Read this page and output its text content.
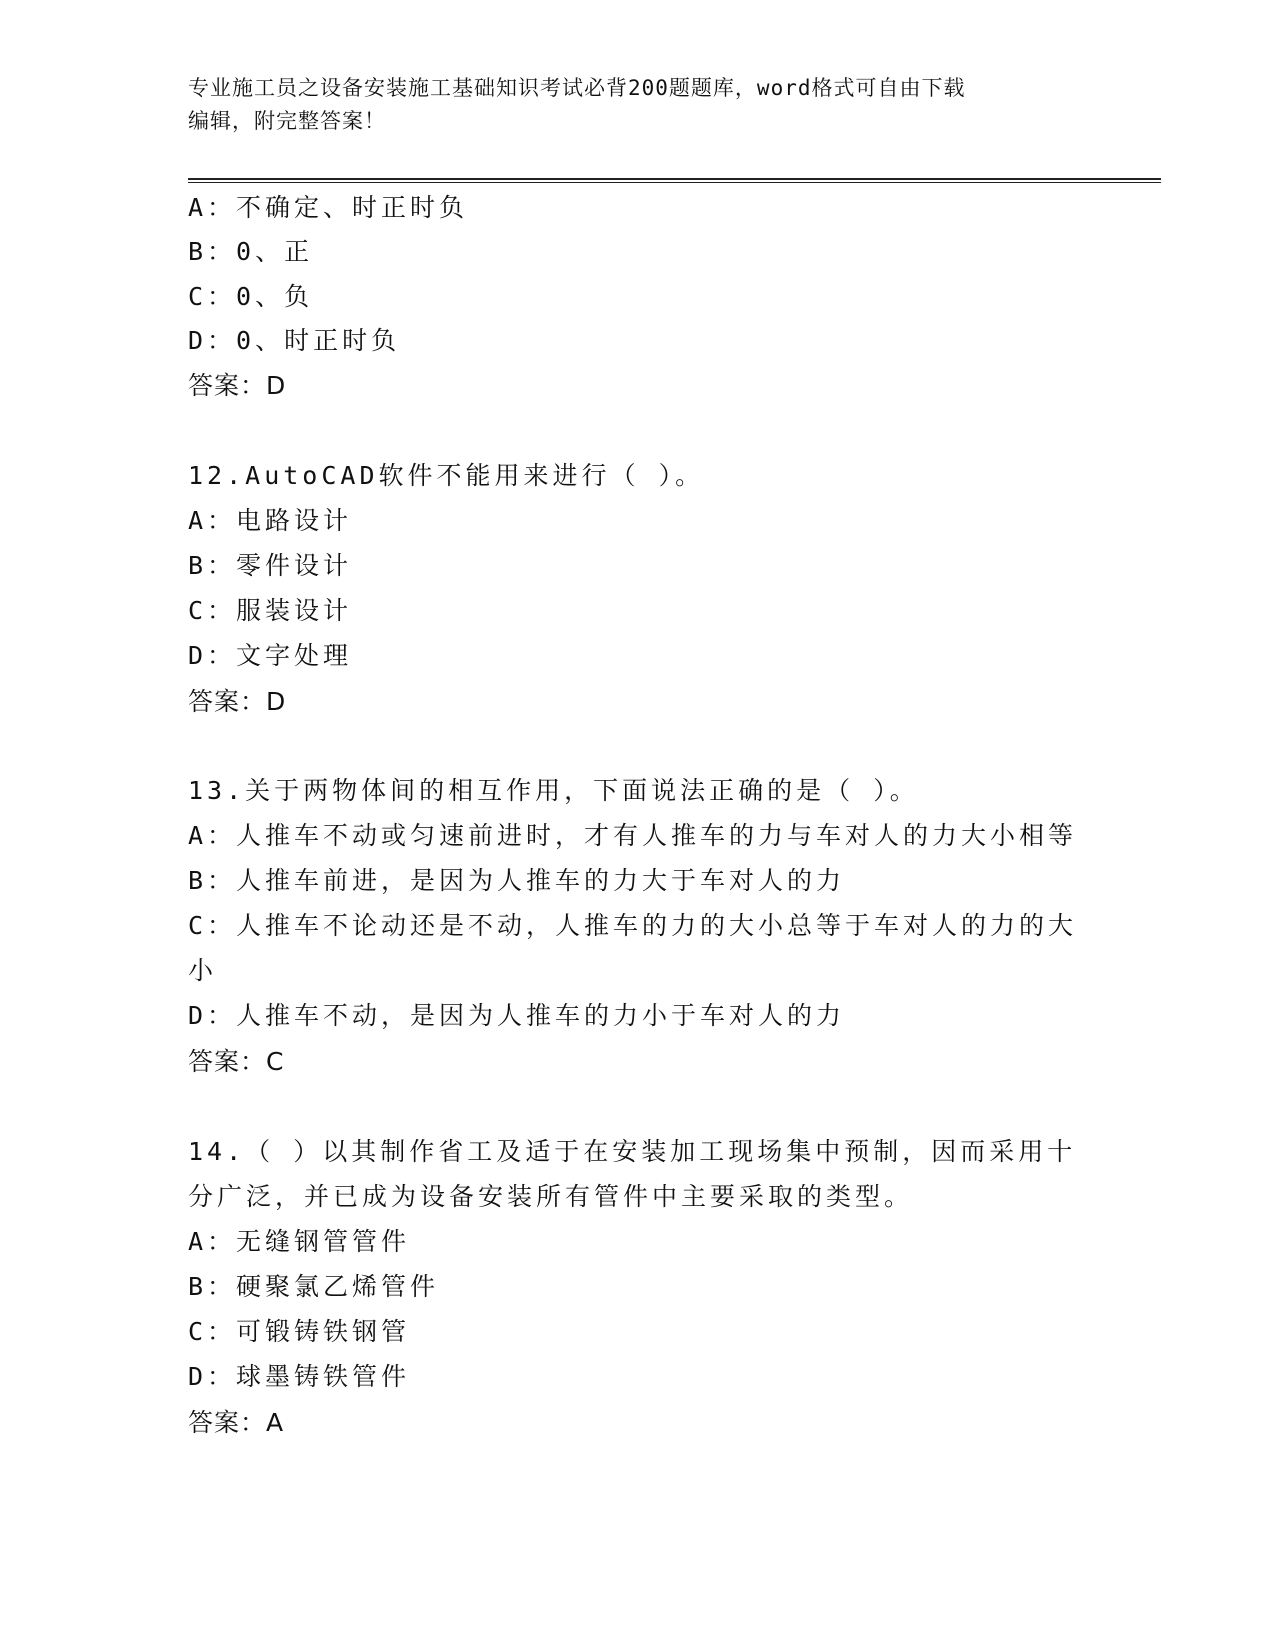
专业施工员之设备安装施工基础知识考试必背200题题库，word格式可自由下载
编辑，附完整答案！
A：不确定、时正时负
B：0、正
C：0、负
D：0、时正时负
答案：D
12.AutoCAD软件不能用来进行（ ）。
A：电路设计
B：零件设计
C：服装设计
D：文字处理
答案：D
13.关于两物体间的相互作用，下面说法正确的是（ ）。
A：人推车不动或匀速前进时，才有人推车的力与车对人的力大小相等
B：人推车前进，是因为人推车的力大于车对人的力
C：人推车不论动还是不动，人推车的力的大小总等于车对人的力的大
小
D：人推车不动，是因为人推车的力小于车对人的力
答案：C
14.（ ）以其制作省工及适于在安装加工现场集中预制，因而采用十
分广泛，并已成为设备安装所有管件中主要采取的类型。
A：无缝钢管管件
B：硬聚氯乙烯管件
C：可锻铸铁钢管
D：球墨铸铁管件
答案：A
